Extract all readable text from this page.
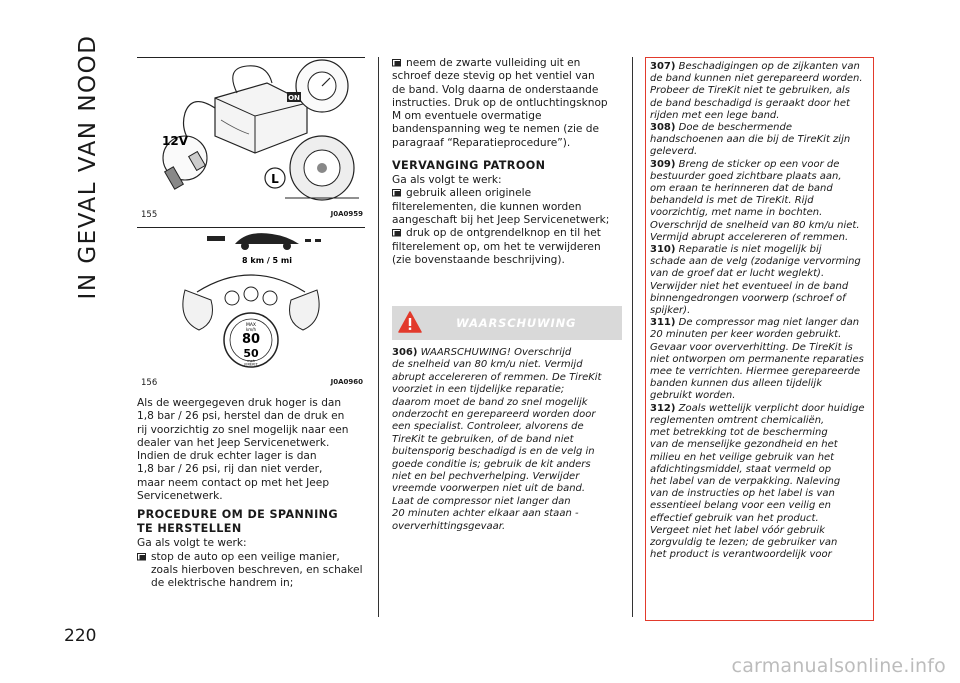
IN GEVAL VAN NOOD
220
carmanualsonline.info
ON
12V
L
155	J0A0959
8 km / 5 mi
MAX
km/h
80
50
mph
FIREKIT
156	J0A0960

Als de weergegeven druk hoger is dan
1,8 bar / 26 psi, herstel dan de druk en
rij voorzichtig zo snel mogelijk naar een
dealer van het Jeep Servicenetwerk.
Indien de druk echter lager is dan
1,8 bar / 26 psi, rij dan niet verder,
maar neem contact op met het Jeep
Servicenetwerk.

PROCEDURE OM DE SPANNING
TE HERSTELLEN

Ga als volgt te werk:

stop de auto op een veilige manier,
zoals hierboven beschreven, en schakel
de elektrische handrem in;
neem de zwarte vulleiding uit en

schroef deze stevig op het ventiel van
de band. Volg daarna de onderstaande
instructies. Druk op de ontluchtingsknop
M om eventuele overmatige
bandenspanning weg te nemen (zie de
paragraaf “Reparatieprocedure”).

VERVANGING PATROON

Ga als volgt te werk:

gebruik alleen originele

filterelementen, die kunnen worden
aangeschaft bij het Jeep Servicenetwerk;

druk op de ontgrendelknop en til het

filterelement op, om het te verwijderen
(zie bovenstaande beschrijving).

WAARSCHUWING

306) WAARSCHUWING! Overschrijd
de snelheid van 80 km/u niet. Vermijd
abrupt accelereren of remmen. De TireKit
voorziet in een tijdelijke reparatie;
daarom moet de band zo snel mogelijk
onderzocht en gerepareerd worden door
een specialist. Controleer, alvorens de
TireKit te gebruiken, of de band niet
buitensporig beschadigd is en de velg in
goede conditie is; gebruik de kit anders
niet en bel pechverhelping. Verwijder
vreemde voorwerpen niet uit de band.
Laat de compressor niet langer dan
20 minuten achter elkaar aan staan -
oververhittingsgevaar.

307) Beschadigingen op de zijkanten van
de band kunnen niet gerepareerd worden.
Probeer de TireKit niet te gebruiken, als
de band beschadigd is geraakt door het
rijden met een lege band.

308) Doe de beschermende
handschoenen aan die bij de TireKit zijn
geleverd.

309) Breng de sticker op een voor de
bestuurder goed zichtbare plaats aan,
om eraan te herinneren dat de band
behandeld is met de TireKit. Rijd
voorzichtig, met name in bochten.
Overschrijd de snelheid van 80 km/u niet.
Vermijd abrupt accelereren of remmen.

310) Reparatie is niet mogelijk bij
schade aan de velg (zodanige vervorming
van de groef dat er lucht weglekt).
Verwijder niet het eventueel in de band
binnengedrongen voorwerp (schroef of
spijker).

311) De compressor mag niet langer dan
20 minuten per keer worden gebruikt.
Gevaar voor oververhitting. De TireKit is
niet ontworpen om permanente reparaties
mee te verrichten. Hiermee gerepareerde
banden kunnen dus alleen tijdelijk
gebruikt worden.

312) Zoals wettelijk verplicht door huidige
reglementen omtrent chemicaliën,
met betrekking tot de bescherming
van de menselijke gezondheid en het
milieu en het veilige gebruik van het
afdichtingsmiddel, staat vermeld op
het label van de verpakking. Naleving
van de instructies op het label is van
essentieel belang voor een veilig en
effectief gebruik van het product.
Vergeet niet het label vóór gebruik
zorgvuldig te lezen; de gebruiker van
het product is verantwoordelijk voor
